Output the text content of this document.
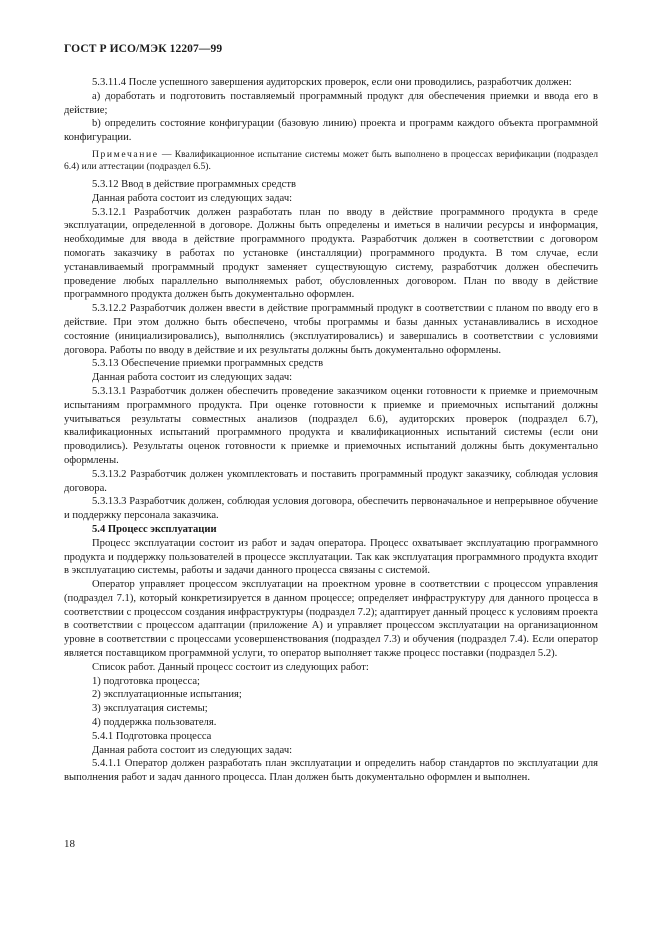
ГОСТ Р ИСО/МЭК 12207—99

5.3.11.4 После успешного завершения аудиторских проверок, если они проводились, разработчик должен:

a) доработать и подготовить поставляемый программный продукт для обеспечения приемки и ввода его в действие;

b) определить состояние конфигурации (базовую линию) проекта и программ каждого объекта программной конфигурации.

Примечание — Квалификационное испытание системы может быть выполнено в процессах верификации (подраздел 6.4) или аттестации (подраздел 6.5).

5.3.12 Ввод в действие программных средств

Данная работа состоит из следующих задач:

5.3.12.1 Разработчик должен разработать план по вводу в действие программного продукта в среде эксплуатации, определенной в договоре. Должны быть определены и иметься в наличии ресурсы и информация, необходимые для ввода в действие программного продукта. Разработчик должен в соответствии с договором помогать заказчику в работах по установке (инсталляции) программного продукта. В том случае, если устанавливаемый программный продукт заменяет существующую систему, разработчик должен обеспечить проведение любых параллельно выполняемых работ, обусловленных договором. План по вводу в действие программного продукта должен быть документально оформлен.

5.3.12.2 Разработчик должен ввести в действие программный продукт в соответствии с планом по вводу его в действие. При этом должно быть обеспечено, чтобы программы и базы данных устанавливались в исходное состояние (инициализировались), выполнялись (эксплуатировались) и завершались в соответствии с условиями договора. Работы по вводу в действие и их результаты должны быть документально оформлены.

5.3.13 Обеспечение приемки программных средств

Данная работа состоит из следующих задач:

5.3.13.1 Разработчик должен обеспечить проведение заказчиком оценки готовности к приемке и приемочным испытаниям программного продукта. При оценке готовности к приемке и приемочных испытаний должны учитываться результаты совместных анализов (подраздел 6.6), аудиторских проверок (подраздел 6.7), квалификационных испытаний программного продукта и квалификационных испытаний системы (если они проводились). Результаты оценок готовности к приемке и приемочных испытаний должны быть документально оформлены.

5.3.13.2 Разработчик должен укомплектовать и поставить программный продукт заказчику, соблюдая условия договора.

5.3.13.3 Разработчик должен, соблюдая условия договора, обеспечить первоначальное и непрерывное обучение и поддержку персонала заказчика.

5.4 Процесс эксплуатации

Процесс эксплуатации состоит из работ и задач оператора. Процесс охватывает эксплуатацию программного продукта и поддержку пользователей в процессе эксплуатации. Так как эксплуатация программного продукта входит в эксплуатацию системы, работы и задачи данного процесса связаны с системой.

Оператор управляет процессом эксплуатации на проектном уровне в соответствии с процессом управления (подраздел 7.1), который конкретизируется в данном процессе; определяет инфраструктуру для данного процесса в соответствии с процессом создания инфраструктуры (подраздел 7.2); адаптирует данный процесс к условиям проекта в соответствии с процессом адаптации (приложение А) и управляет процессом эксплуатации на организационном уровне в соответствии с процессами усовершенствования (подраздел 7.3) и обучения (подраздел 7.4). Если оператор является поставщиком программной услуги, то оператор выполняет также процесс поставки (подраздел 5.2).

Список работ. Данный процесс состоит из следующих работ:

1) подготовка процесса;

2) эксплуатационные испытания;

3) эксплуатация системы;

4) поддержка пользователя.

5.4.1 Подготовка процесса

Данная работа состоит из следующих задач:

5.4.1.1 Оператор должен разработать план эксплуатации и определить набор стандартов по эксплуатации для выполнения работ и задач данного процесса. План должен быть документально оформлен и выполнен.

18
